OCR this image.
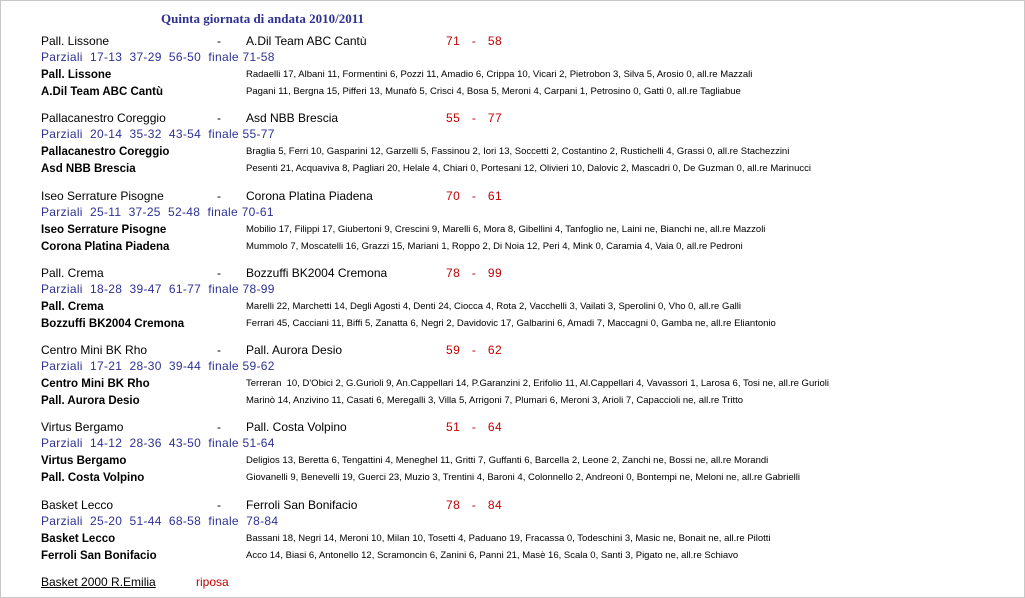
Quinta giornata di andata 2010/2011
Pall. Lissone	- A.Dil Team ABC Cantù	71   -   58
Parziali  17-13  37-29  56-50  finale 71-58
Pall. Lissone	Radaelli 17, Albani 11, Formentini 6, Pozzi 11, Amadio 6, Crippa 10, Vicari 2, Pietrobon 3, Silva 5, Arosio 0, all.re Mazzali
A.Dil Team ABC Cantù	Pagani 11, Bergna 15, Pifferi 13, Munafò 5, Crisci 4, Bosa 5, Meroni 4, Carpani 1, Petrosino 0, Gatti 0, all.re Tagliabue
Pallacanestro Coreggio	- Asd NBB Brescia	55   -   77
Parziali  20-14  35-32  43-54  finale 55-77
Pallacanestro Coreggio	Braglia 5, Ferri 10, Gasparini 12, Garzelli 5, Fassinou 2, Iori 13, Soccetti 2, Costantino 2, Rustichelli 4, Grassi 0, all.re Stachezzini
Asd NBB Brescia	Pesenti 21, Acquaviva 8, Pagliari 20, Helale 4, Chiari 0, Portesani 12, Olivieri 10, Dalovic 2, Mascadri 0, De Guzman 0, all.re Marinucci
Iseo Serrature Pisogne	- Corona Platina Piadena	70   -   61
Parziali  25-11  37-25  52-48  finale 70-61
Iseo Serrature Pisogne	Mobilio 17, Filippi 17, Giubertoni 9, Crescini 9, Marelli 6, Mora 8, Gibellini 4, Tanfoglio ne, Laini ne, Bianchi ne, all.re Mazzoli
Corona Platina Piadena	Mummolo 7, Moscatelli 16, Grazzi 15, Mariani 1, Roppo 2, Di Noia 12, Peri 4, Mink 0, Caramia 4, Vaia 0, all.re Pedroni
Pall. Crema	- Bozzuffi BK2004 Cremona	78   -   99
Parziali  18-28  39-47  61-77  finale 78-99
Pall. Crema	Marelli 22, Marchetti 14, Degli Agosti 4, Denti 24, Ciocca 4, Rota 2, Vacchelli 3, Vailati 3, Sperolini 0, Vho 0, all.re Galli
Bozzuffi BK2004 Cremona	Ferrari 45, Cacciani 11, Biffi 5, Zanatta 6, Negri 2, Davidovic 17, Galbarini 6, Amadi 7, Maccagni 0, Gamba ne, all.re Eliantonio
Centro Mini BK Rho	- Pall. Aurora Desio	59   -   62
Parziali  17-21  28-30  39-44  finale 59-62
Centro Mini BK Rho	Terreran  10, D'Obici 2, G.Gurioli 9, An.Cappellari 14, P.Garanzini 2, Erifolio 11, Al.Cappellari 4, Vavassori 1, Larosa 6, Tosi ne, all.re Gurioli
Pall. Aurora Desio	Marinò 14, Anzivino 11, Casati 6, Meregalli 3, Villa 5, Arrigoni 7, Plumari 6, Meroni 3, Arioli 7, Capaccioli ne, all.re Tritto
Virtus Bergamo	- Pall. Costa Volpino	51   -   64
Parziali  14-12  28-36  43-50  finale 51-64
Virtus Bergamo	Deligios 13, Beretta 6, Tengattini 4, Meneghel 11, Gritti 7, Guffanti 6, Barcella 2, Leone 2, Zanchi ne, Bossi ne, all.re Morandi
Pall. Costa Volpino	Giovanelli 9, Benevelli 19, Guerci 23, Muzio 3, Trentini 4, Baroni 4, Colonnello 2, Andreoni 0, Bontempi ne, Meloni ne, all.re Gabrielli
Basket Lecco	- Ferroli San Bonifacio	78   -   84
Parziali  25-20  51-44  68-58  finale  78-84
Basket Lecco	Bassani 18, Negri 14, Meroni 10, Milan 10, Tosetti 4, Paduano 19, Fracassa 0, Todeschini 3, Masic ne, Bonait ne, all.re Pilotti
Ferroli San Bonifacio	Acco 14, Biasi 6, Antonello 12, Scramoncin 6, Zanini 6, Panni 21, Masè 16, Scala 0, Santi 3, Pigato ne, all.re Schiavo
Basket 2000 R.Emilia	riposa
